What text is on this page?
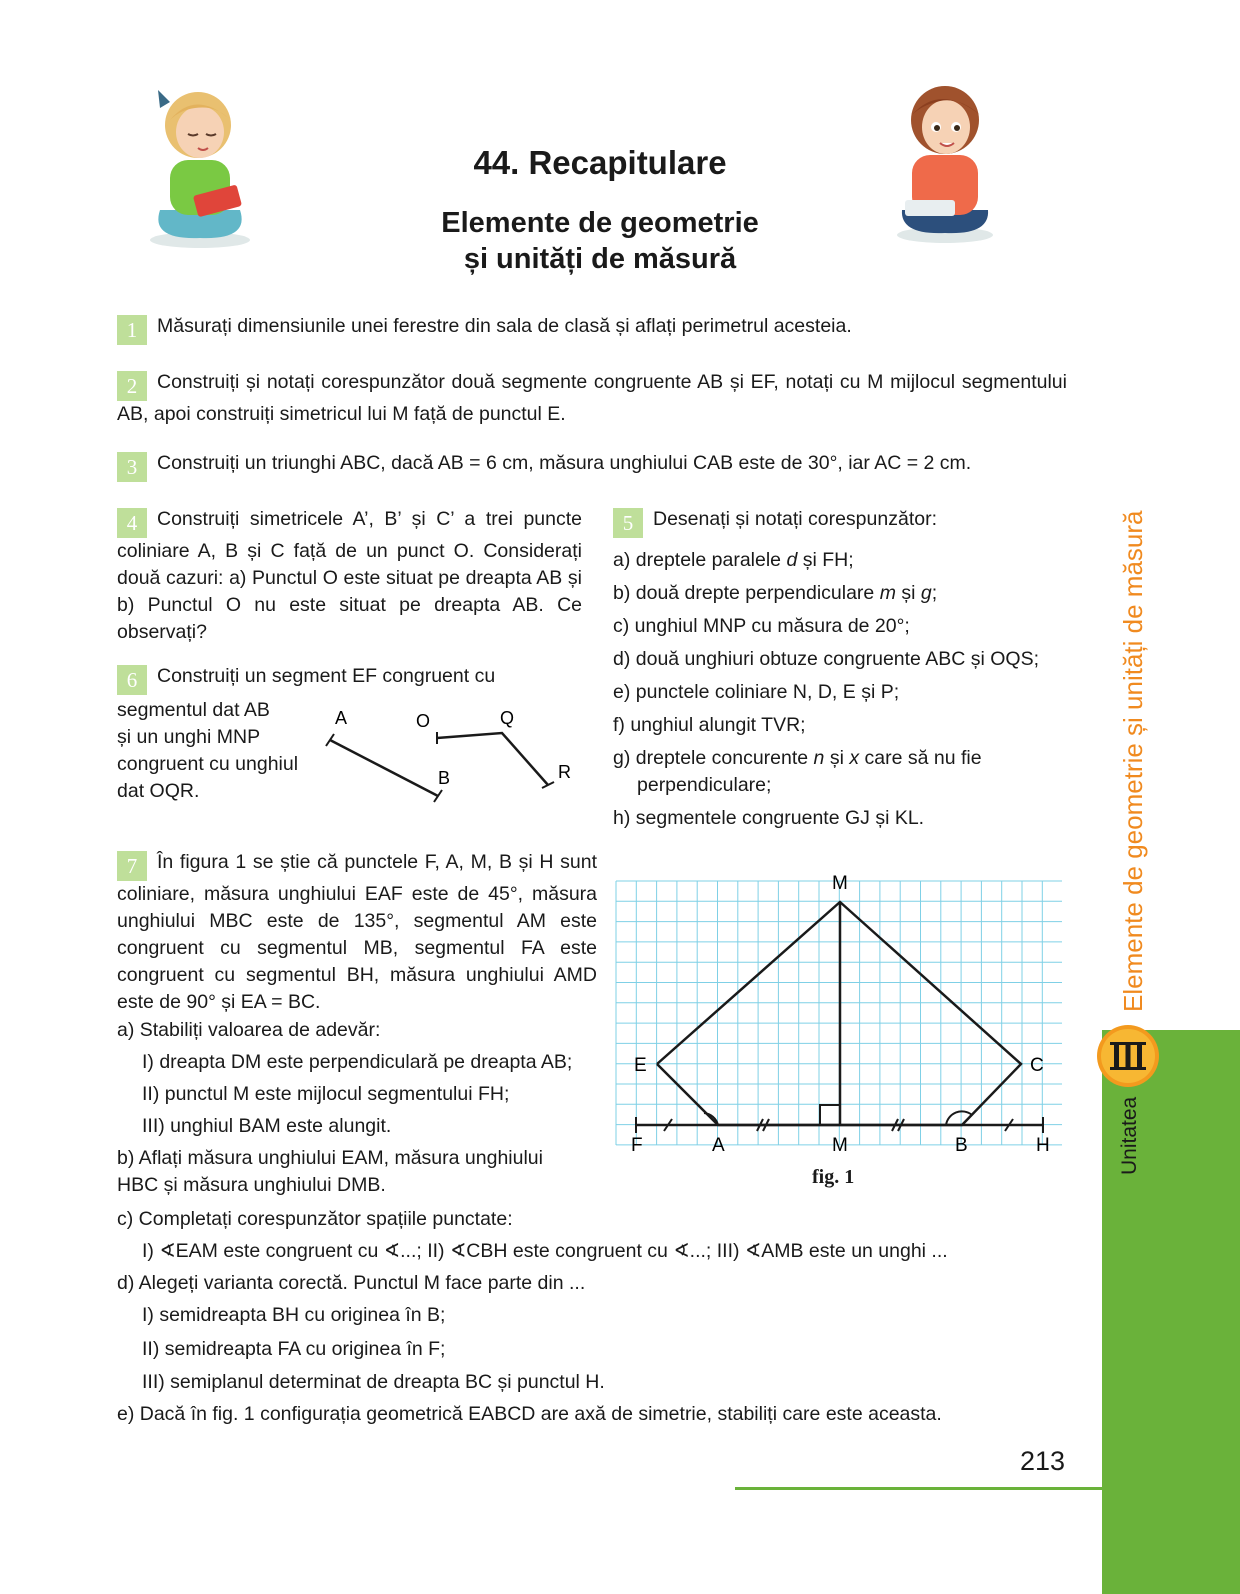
44. Recapitulare
Elemente de geometrie
și unități de măsură
1 Măsurați dimensiunile unei ferestre din sala de clasă și aflați perimetrul acesteia.
2 Construiți și notați corespunzător două segmente congruente AB și EF, notați cu M mijlocul segmentului AB, apoi construiți simetricul lui M față de punctul E.
3 Construiți un triunghi ABC, dacă AB = 6 cm, măsura unghiului CAB este de 30°, iar AC = 2 cm.
4 Construiți simetricele A’, B’ și C’ a trei puncte coliniare A, B și C față de un punct O. Considerați două cazuri: a) Punctul O este situat pe dreapta AB și b) Punctul O nu este situat pe dreapta AB. Ce observați?
5 Desenați și notați corespunzător:
a) dreptele paralele d și FH;
b) două drepte perpendiculare m și g;
c) unghiul MNP cu măsura de 20°;
d) două unghiuri obtuze congruente ABC și OQS;
e) punctele coliniare N, D, E și P;
f) unghiul alungit TVR;
g) dreptele concurente n și x care să nu fie
perpendiculare;
h) segmentele congruente GJ și KL.
6 Construiți un segment EF congruent cu
segmentul dat AB
și un unghi MNP
congruent cu unghiul
dat OQR.
A
B
O	Q
R
7 În figura 1 se știe că punctele F, A, M, B și H sunt coliniare, măsura unghiului EAF este de 45°, măsura unghiului MBC este de 135°, segmentul AM este congruent cu segmentul MB, segmentul FA este congruent cu segmentul BH, măsura unghiului AMD este de 90° și EA = BC.
a) Stabiliți valoarea de adevăr:
I) dreapta DM este perpendiculară pe dreapta AB;
II) punctul M este mijlocul segmentului FH;
III) unghiul BAM este alungit.
b) Aflați măsura unghiului EAM, măsura unghiului
HBC și măsura unghiului DMB.
c) Completați corespunzător spațiile punctate:
I) ∢EAM este congruent cu ∢...; II) ∢CBH este congruent cu ∢...; III) ∢AMB este un unghi ...
d) Alegeți varianta corectă. Punctul M face parte din ...
I) semidreapta BH cu originea în B;
II) semidreapta FA cu originea în F;
III) semiplanul determinat de dreapta BC și punctul H.
e) Dacă în fig. 1 configurația geometrică EABCD are axă de simetrie, stabiliți care este aceasta.
M
E	C
F	A	M	B	H
fig. 1
Elemente de geometrie și unități de măsură
Unitatea
213
